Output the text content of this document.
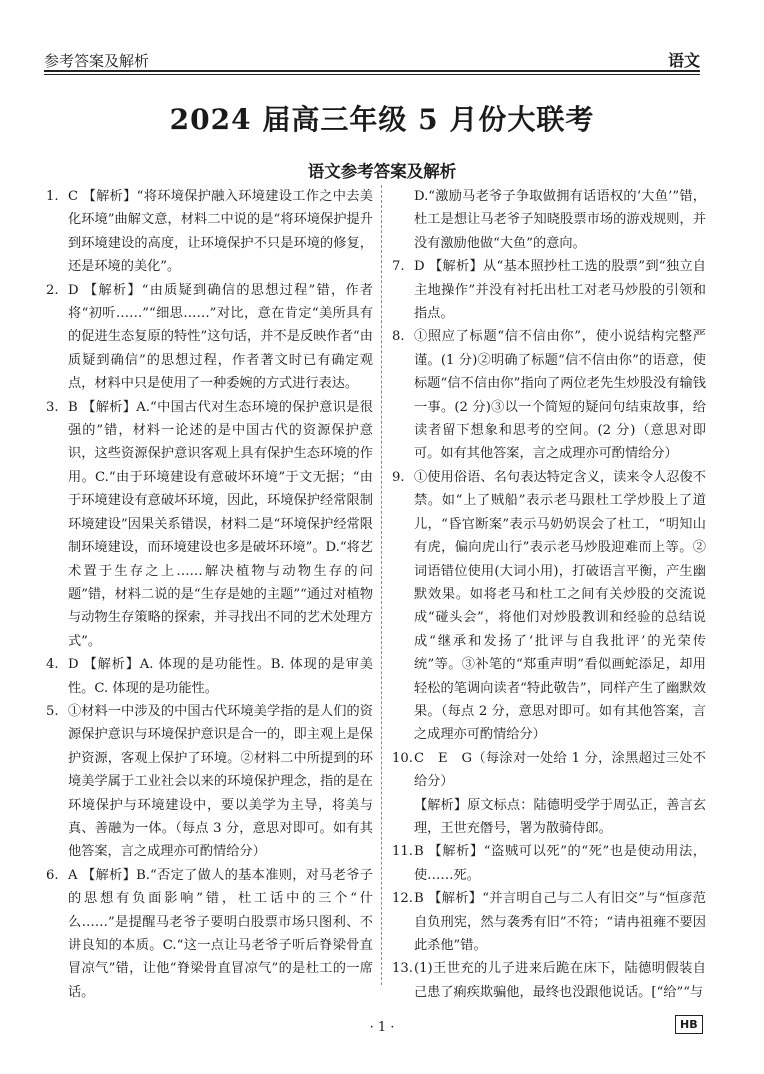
参考答案及解析	语文
2024 届高三年级 5 月份大联考
语文参考答案及解析
1. C 【解析】“将环境保护融入环境建设工作之中去美化环境”曲解文意，材料二中说的是“将环境保护提升到环境建设的高度，让环境保护不只是环境的修复，还是环境的美化”。
2. D 【解析】“由质疑到确信的思想过程”错，作者将“初听……”“细思……”对比，意在肯定“美所具有的促进生态复原的特性”这句话，并不是反映作者“由质疑到确信”的思想过程，作者著文时已有确定观点，材料中只是使用了一种委婉的方式进行表达。
3. B 【解析】A.“中国古代对生态环境的保护意识是很强的”错，材料一论述的是中国古代的资源保护意识，这些资源保护意识客观上具有保护生态环境的作用。C.“由于环境建设有意破坏环境”于文无据；“由于环境建设有意破坏环境，因此，环境保护经常限制环境建设”因果关系错误，材料二是“环境保护经常限制环境建设，而环境建设也多是破坏环境”。D.“将艺术置于生存之上……解决植物与动物生存的问题”错，材料二说的是“生存是她的主题”“通过对植物与动物生存策略的探索，并寻找出不同的艺术处理方式”。
4. D 【解析】A. 体现的是功能性。B. 体现的是审美性。C. 体现的是功能性。
5. ①材料一中涉及的中国古代环境美学指的是人们的资源保护意识与环境保护意识是合一的，即主观上是保护资源，客观上保护了环境。②材料二中所提到的环境美学属于工业社会以来的环境保护理念，指的是在环境保护与环境建设中，要以美学为主导，将美与真、善融为一体。（每点 3 分，意思对即可。如有其他答案，言之成理亦可酌情给分）
6. A 【解析】B.“否定了做人的基本准则，对马老爷子的思想有负面影响”错，杜工话中的三个“什么……”是提醒马老爷子要明白股票市场只图利、不讲良知的本质。C.“这一点让马老爷子听后脊梁骨直冒凉气”错，让他“脊梁骨直冒凉气”的是杜工的一席话。
D.“激励马老爷子争取做拥有话语权的‘大鱼’”错，杜工是想让马老爷子知晓股票市场的游戏规则，并没有激励他做“大鱼”的意向。
7. D 【解析】从“基本照抄杜工选的股票”到“独立自主地操作”并没有衬托出杜工对老马炒股的引领和指点。
8. ①照应了标题“信不信由你”，使小说结构完整严谨。(1 分)②明确了标题“信不信由你”的语意，使标题“信不信由你”指向了两位老先生炒股没有输钱一事。(2 分)③以一个简短的疑问句结束故事，给读者留下想象和思考的空间。(2 分)（意思对即可。如有其他答案，言之成理亦可酌情给分）
9. ①使用俗语、名句表达特定含义，读来令人忍俊不禁。如“上了贼船”表示老马跟杜工学炒股上了道儿，“昏官断案”表示马奶奶误会了杜工，“明知山有虎，偏向虎山行”表示老马炒股迎难而上等。②词语错位使用(大词小用)，打破语言平衡，产生幽默效果。如将老马和杜工之间有关炒股的交流说成“碰头会”，将他们对炒股教训和经验的总结说成“继承和发扬了‘批评与自我批评’的光荣传统”等。③补笔的“郑重声明”看似画蛇添足，却用轻松的笔调向读者“特此敬告”，同样产生了幽默效果。（每点 2 分，意思对即可。如有其他答案，言之成理亦可酌情给分）
10. C　E　G（每涂对一处给 1 分，涂黑超过三处不给分）
【解析】原文标点：陆德明受学于周弘正，善言玄理，王世充僭号，署为散骑侍郎。
11. B 【解析】“盗贼可以死”的“死”也是使动用法，使……死。
12. B 【解析】“并言明自己与二人有旧交”与“恒彦范自负刑宪，然与袭秀有旧”不符；“请冉祖雍不要因此杀他”错。
13. (1)王世充的儿子进来后跪在床下，陆德明假装自己患了痢疾欺骗他，最终也没跟他说话。[“给”“与
· 1 ·	HB
